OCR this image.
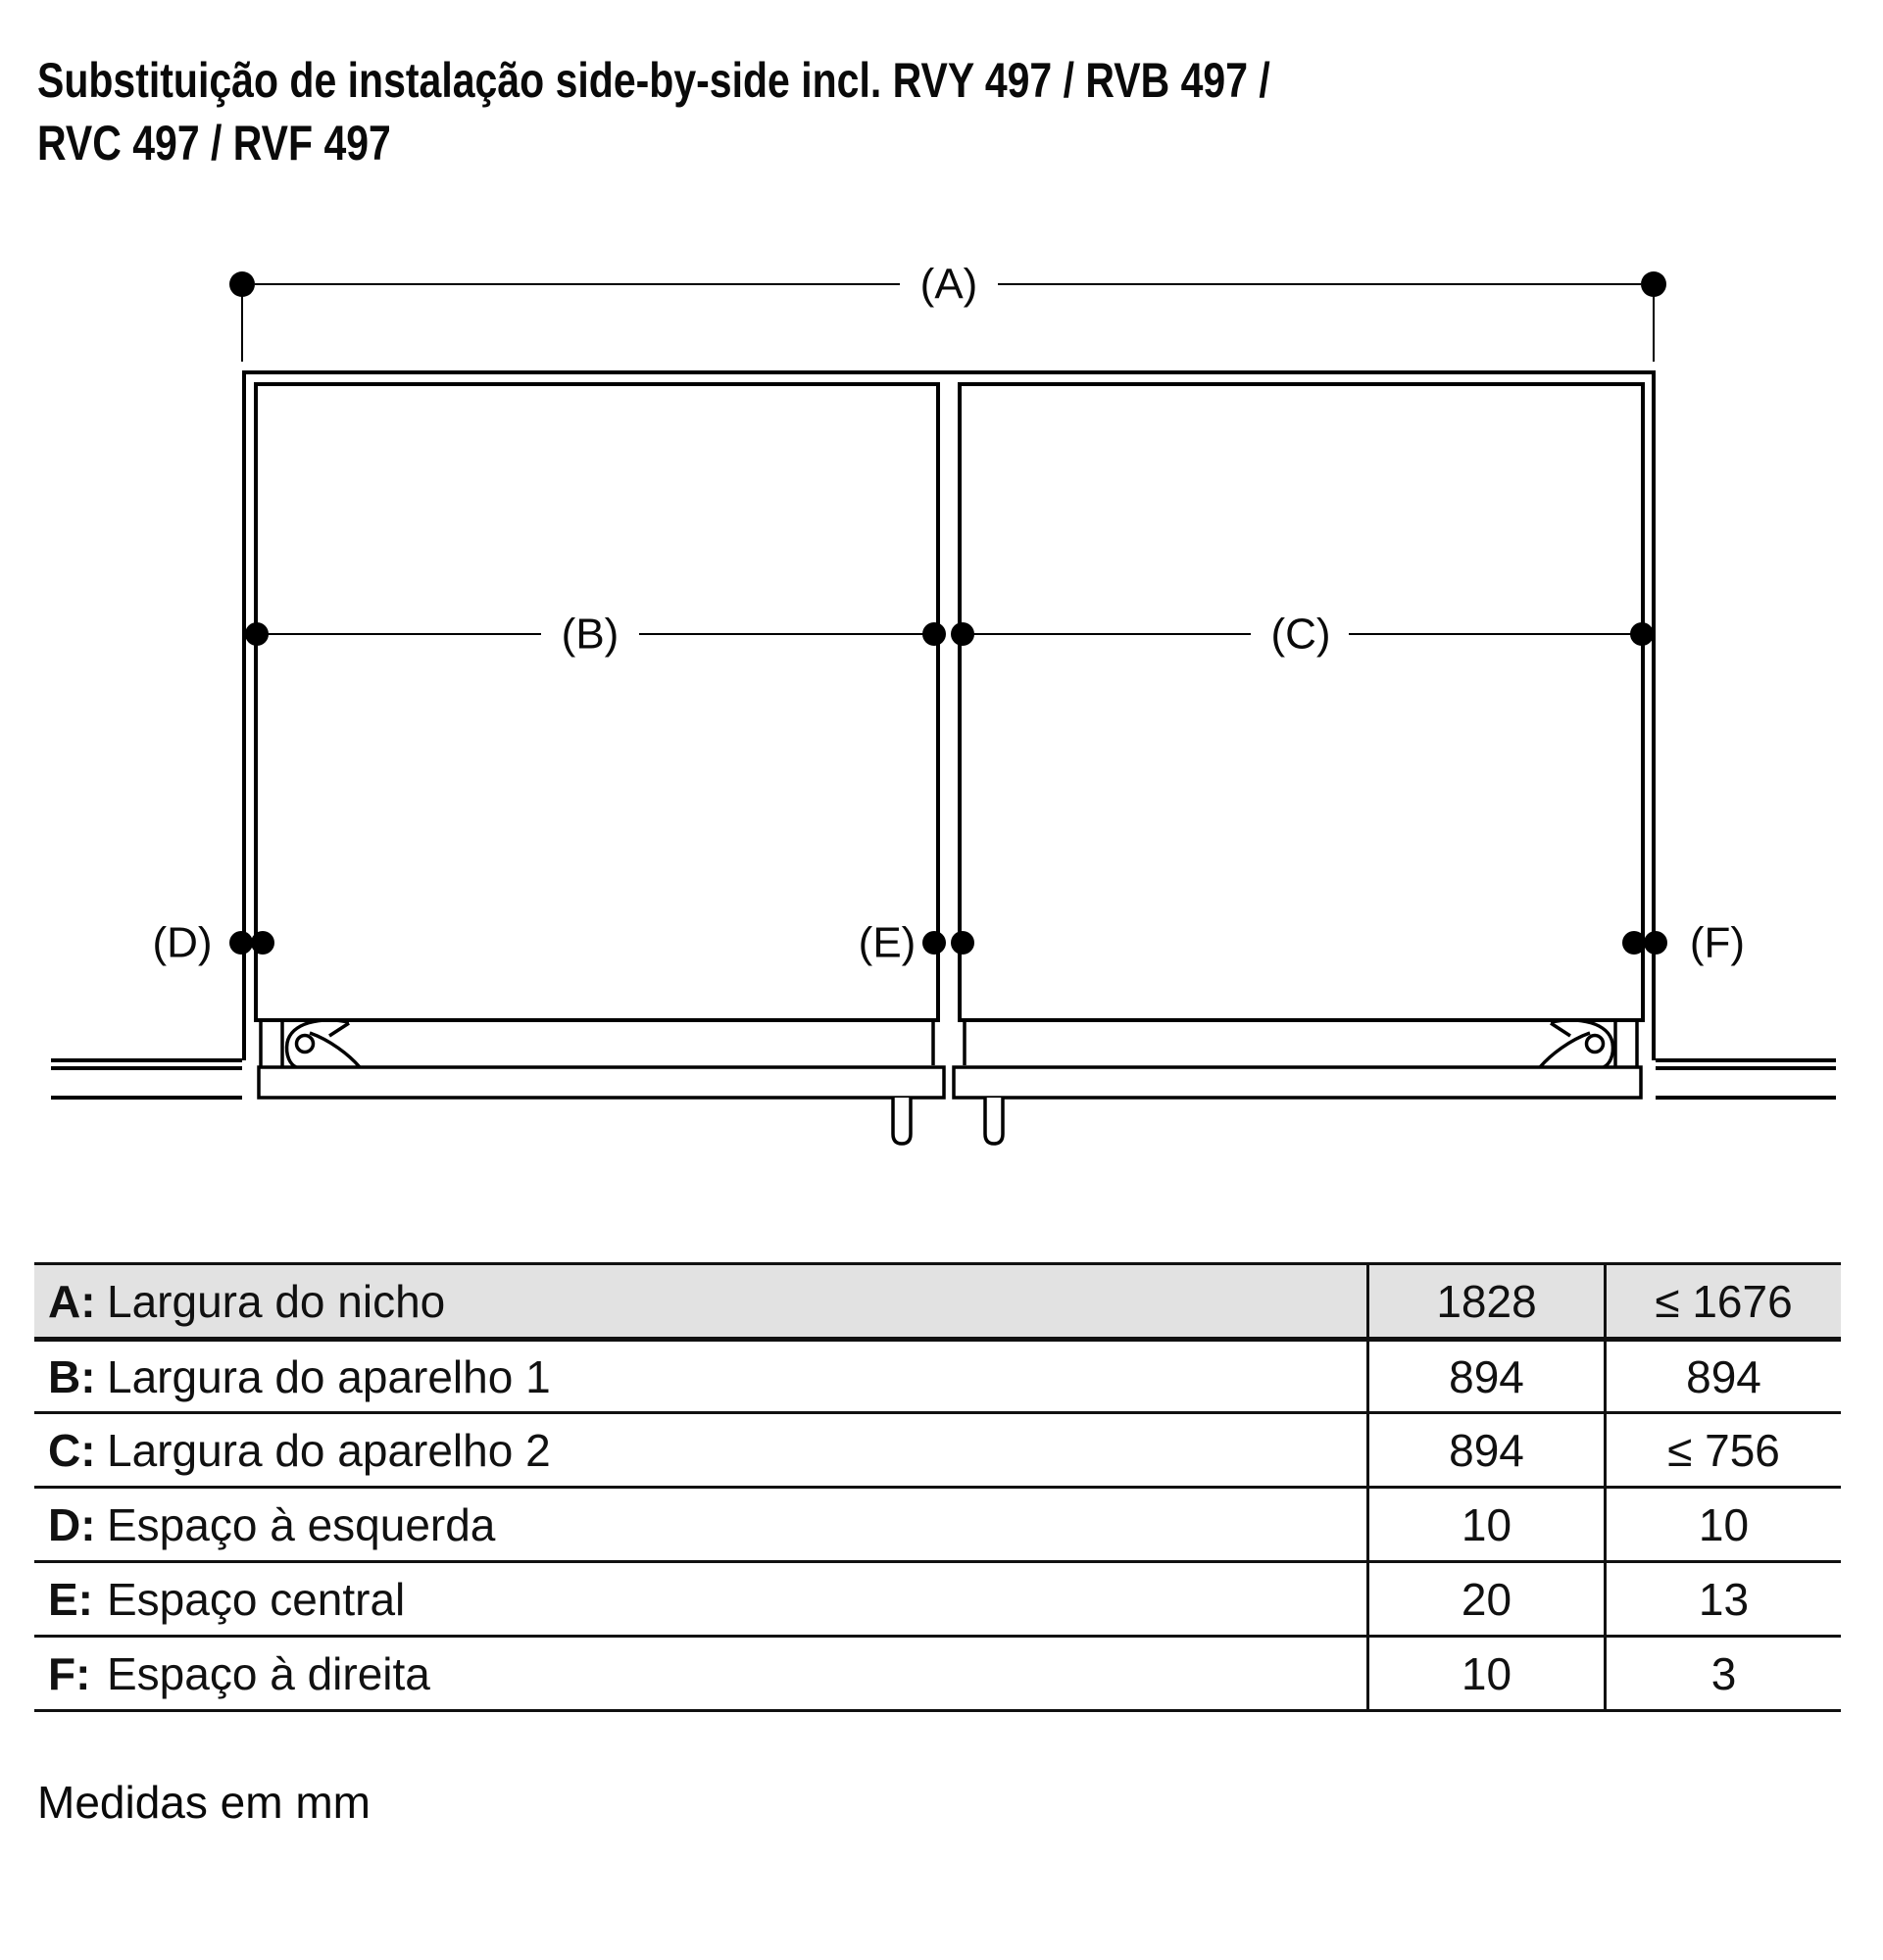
Substituição de instalação side-by-side incl. RVY 497 / RVB 497 /
RVC 497 / RVF 497
(A)
(B)	(C)
(D)	(E)	(F)
A: Largura do nicho	1828	≤ 1676
B: Largura do aparelho 1	894	894
C: Largura do aparelho 2	894	≤ 756
D: Espaço à esquerda	10	10
E: Espaço central	20	13
F: Espaço à direita	10	3
Medidas em mm
